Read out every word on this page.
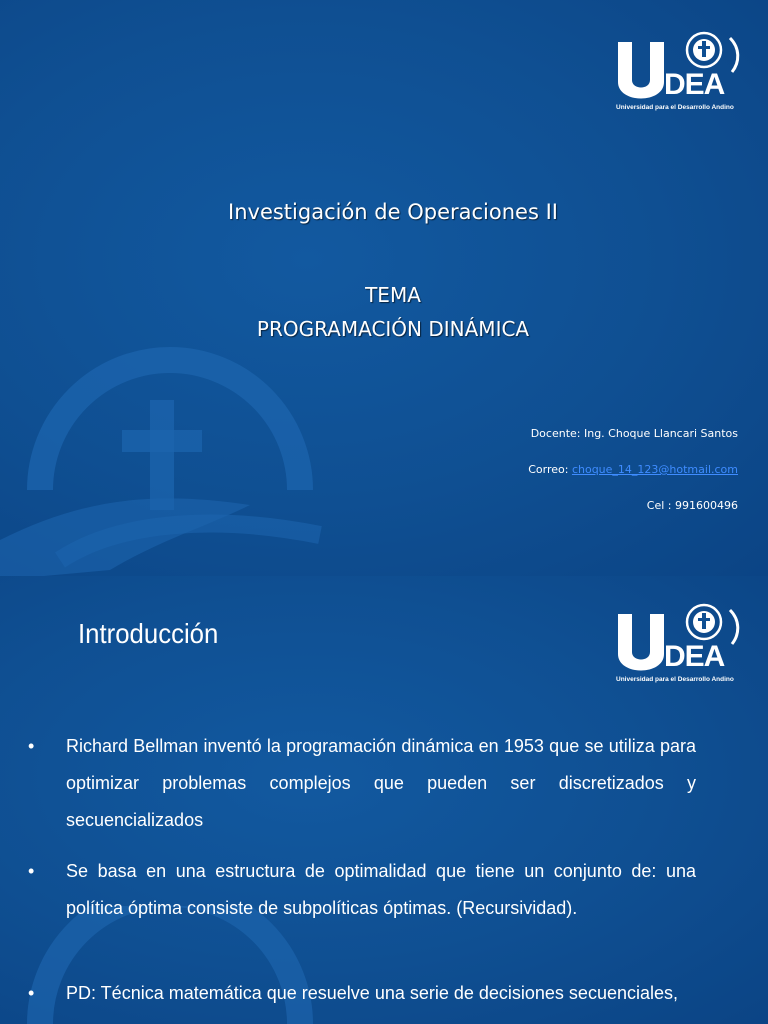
DEA
Universidad para el Desarrollo Andino
Investigación de Operaciones II
TEMA
PROGRAMACIÓN DINÁMICA
Docente: Ing. Choque Llancari Santos
Correo: choque_14_123@hotmail.com
Cel : 991600496
DEA
Universidad para el Desarrollo Andino
Introducción
• Richard Bellman inventó la programación dinámica en 1953 que se utiliza para optimizar problemas complejos que pueden ser discretizados y secuencializados
• Se basa en una estructura de optimalidad que tiene un conjunto de: una política óptima consiste de subpolíticas óptimas. (Recursividad).
• PD: Técnica matemática que resuelve una serie de decisiones secuenciales,
